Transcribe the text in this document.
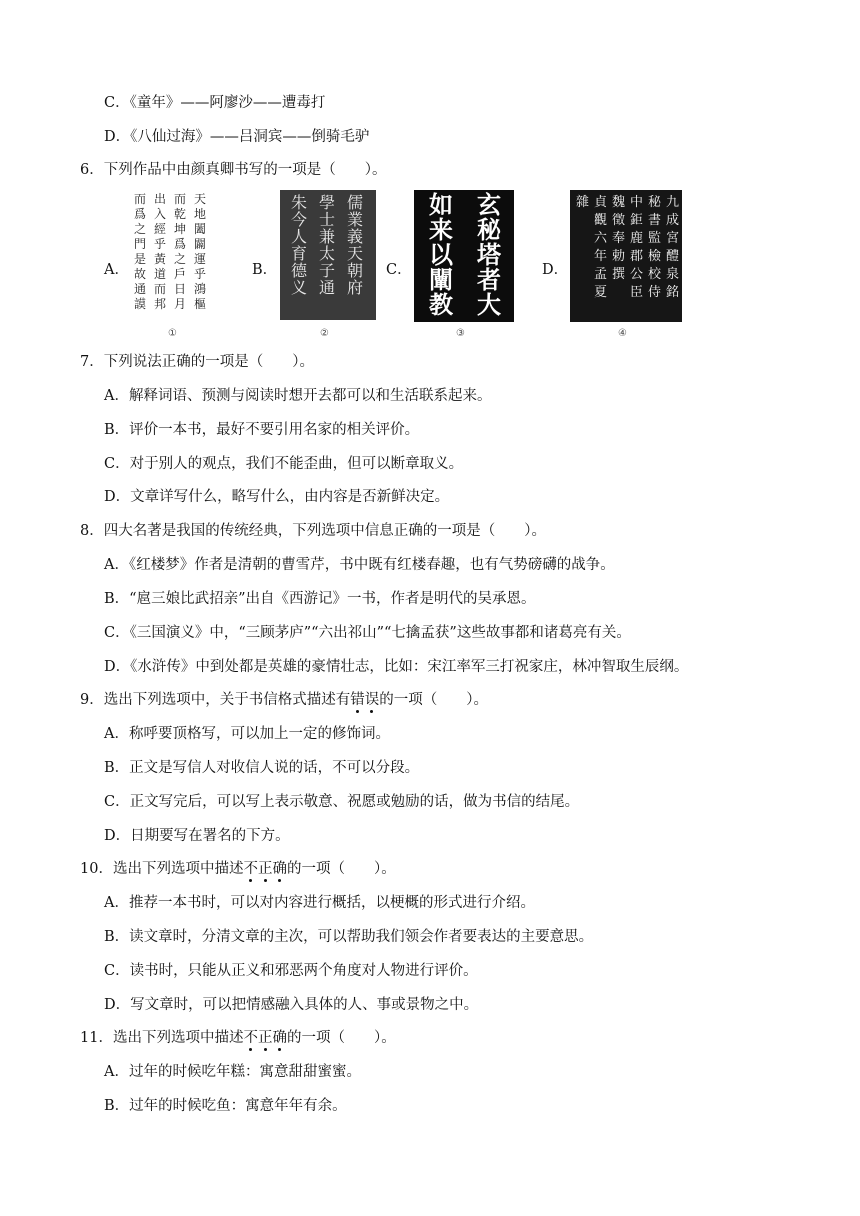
C．《童年》——阿廖沙——遭毒打
D．《八仙过海》——吕洞宾——倒骑毛驴
6．下列作品中由颜真卿书写的一项是（　　）。
A．
天
地
闔
闢
運
乎
鴻
樞
而
乾
坤
爲
之
戶
日
月
出
入
經
乎
黃
道
而
邦
而
爲
之
門
是
故
通
謨
①
B．
儒
業
義
天
朝
府
學
士
兼
太
子
通
朱
今
人
育
德
义
②
C．
玄
秘
塔
者
大
如
来
以
闡
教
③
D．
九
成
宮
醴
泉
銘
秘
書
監
檢
校
侍
中
鉅
鹿
郡
公
臣
魏
徵
奉
勅
撰
貞
觀
六
年
孟
夏
雜
④
7．下列说法正确的一项是（　　）。
A．解释词语、预测与阅读时想开去都可以和生活联系起来。
B．评价一本书，最好不要引用名家的相关评价。
C．对于别人的观点，我们不能歪曲，但可以断章取义。
D．文章详写什么，略写什么，由内容是否新鲜决定。
8．四大名著是我国的传统经典，下列选项中信息正确的一项是（　　）。
A．《红楼梦》作者是清朝的曹雪芹，书中既有红楼春趣，也有气势磅礴的战争。
B．“扈三娘比武招亲”出自《西游记》一书，作者是明代的吴承恩。
C．《三国演义》中，“三顾茅庐”“六出祁山”“七擒孟获”这些故事都和诸葛亮有关。
D．《水浒传》中到处都是英雄的豪情壮志，比如：宋江率军三打祝家庄，林冲智取生辰纲。
9．选出下列选项中，关于书信格式描述有错误的一项（　　）。
A．称呼要顶格写，可以加上一定的修饰词。
B．正文是写信人对收信人说的话，不可以分段。
C．正文写完后，可以写上表示敬意、祝愿或勉励的话，做为书信的结尾。
D．日期要写在署名的下方。
10．选出下列选项中描述不正确的一项（　　）。
A．推荐一本书时，可以对内容进行概括，以梗概的形式进行介绍。
B．读文章时，分清文章的主次，可以帮助我们领会作者要表达的主要意思。
C．读书时，只能从正义和邪恶两个角度对人物进行评价。
D．写文章时，可以把情感融入具体的人、事或景物之中。
11．选出下列选项中描述不正确的一项（　　）。
A．过年的时候吃年糕：寓意甜甜蜜蜜。
B．过年的时候吃鱼：寓意年年有余。
